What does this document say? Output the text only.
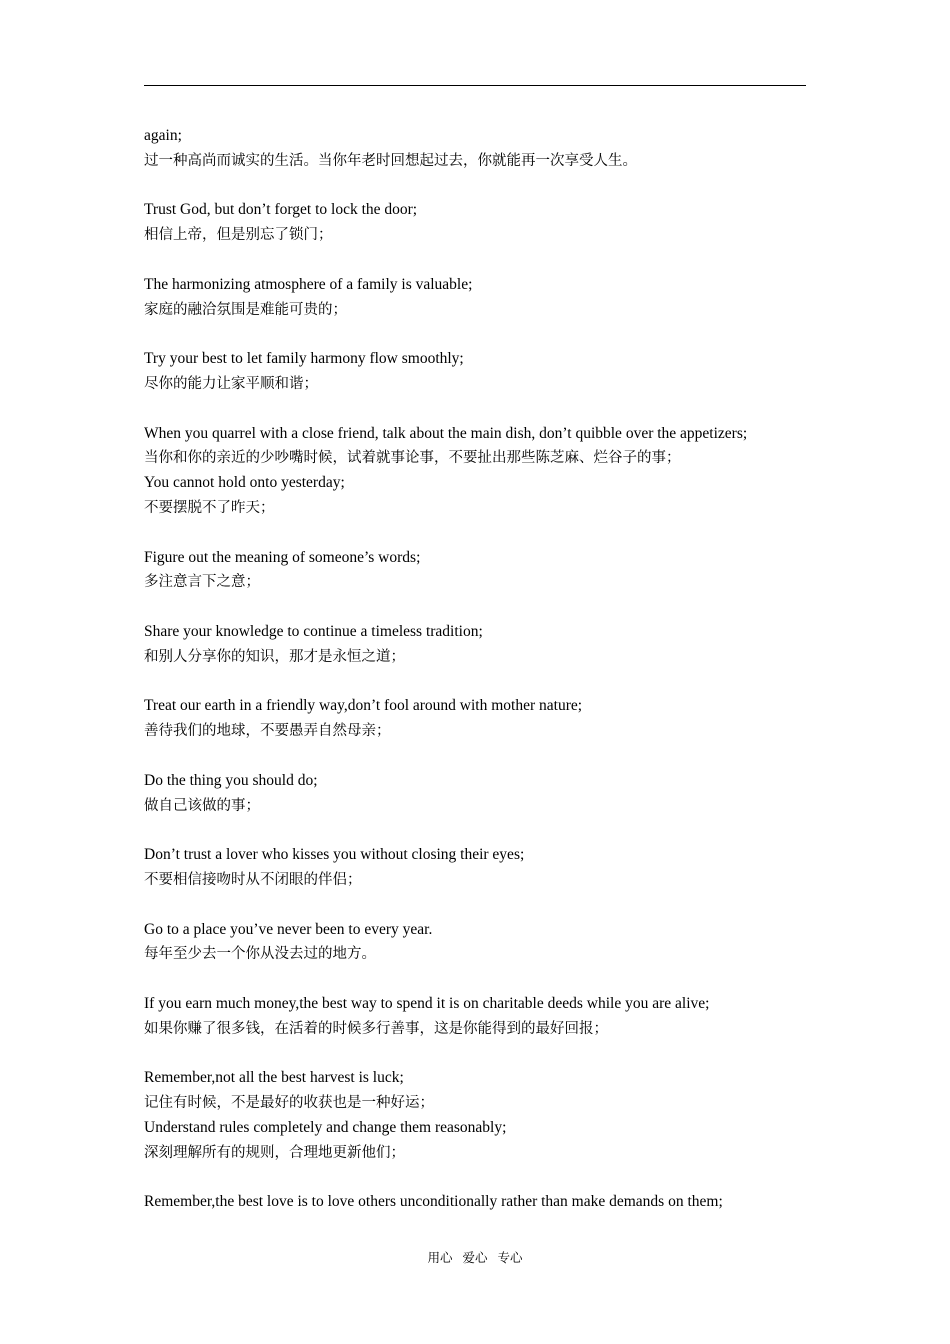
again;
过一种高尚而诚实的生活。当你年老时回想起过去，你就能再一次享受人生。
Trust God, but don’t forget to lock the door;
相信上帝，但是别忘了锁门；
The harmonizing atmosphere of a family is valuable;
家庭的融洽氛围是难能可贵的；
Try your best to let family harmony flow smoothly;
尽你的能力让家平顺和谐；
When you quarrel with a close friend, talk about the main dish, don’t quibble over the appetizers;
当你和你的亲近的少吵嘴时候，试着就事论事，不要扯出那些陈芝麻、烂谷子的事；
You cannot hold onto yesterday;
不要摆脱不了昨天；
Figure out the meaning of someone’s words;
多注意言下之意；
Share your knowledge to continue a timeless tradition;
和别人分享你的知识，那才是永恒之道；
Treat our earth in a friendly way,don’t fool around with mother nature;
善待我们的地球，不要愚弄自然母亲；
Do the thing you should do;
做自己该做的事；
Don’t trust a lover who kisses you without closing their eyes;
不要相信接吻时从不闭眼的伴侣；
Go to a place you’ve never been to every year.
每年至少去一个你从没去过的地方。
If you earn much money,the best way to spend it is on charitable deeds while you are alive;
如果你赚了很多钱，在活着的时候多行善事，这是你能得到的最好回报；
Remember,not all the best harvest is luck;
记住有时候，不是最好的收获也是一种好运；
Understand rules completely and change them reasonably;
深刻理解所有的规则，合理地更新他们；
Remember,the best love is to love others unconditionally rather than make demands on them;
用心 爱心 专心
